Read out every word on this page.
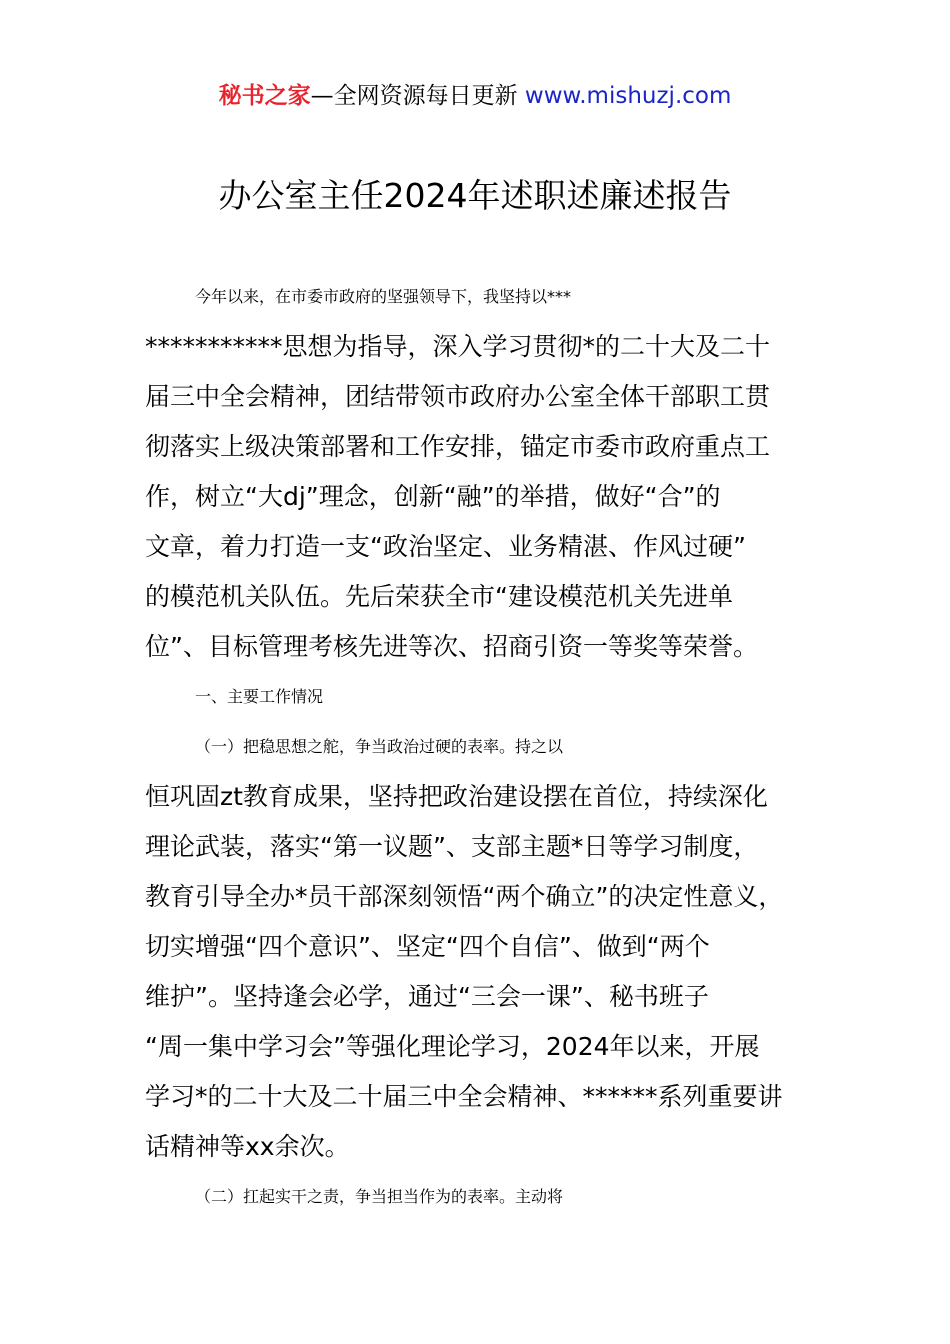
秘书之家—全网资源每日更新 www.mishuzj.com
办公室主任2024年述职述廉述报告
今年以来，在市委市政府的坚强领导下，我坚持以***
***********思想为指导，深入学习贯彻*的二十大及二十
届三中全会精神，团结带领市政府办公室全体干部职工贯
彻落实上级决策部署和工作安排，锚定市委市政府重点工
作，树立“大dj”理念，创新“融”的举措，做好“合”的
文章，着力打造一支“政治坚定、业务精湛、作风过硬”
的模范机关队伍。先后荣获全市“建设模范机关先进单
位”、目标管理考核先进等次、招商引资一等奖等荣誉。
一、主要工作情况
（一）把稳思想之舵，争当政治过硬的表率。持之以
恒巩固zt教育成果，坚持把政治建设摆在首位，持续深化
理论武装，落实“第一议题”、支部主题*日等学习制度，
教育引导全办*员干部深刻领悟“两个确立”的决定性意义，
切实增强“四个意识”、坚定“四个自信”、做到“两个
维护”。坚持逢会必学，通过“三会一课”、秘书班子
“周一集中学习会”等强化理论学习，2024年以来，开展
学习*的二十大及二十届三中全会精神、******系列重要讲
话精神等xx余次。
（二）扛起实干之责，争当担当作为的表率。主动将
